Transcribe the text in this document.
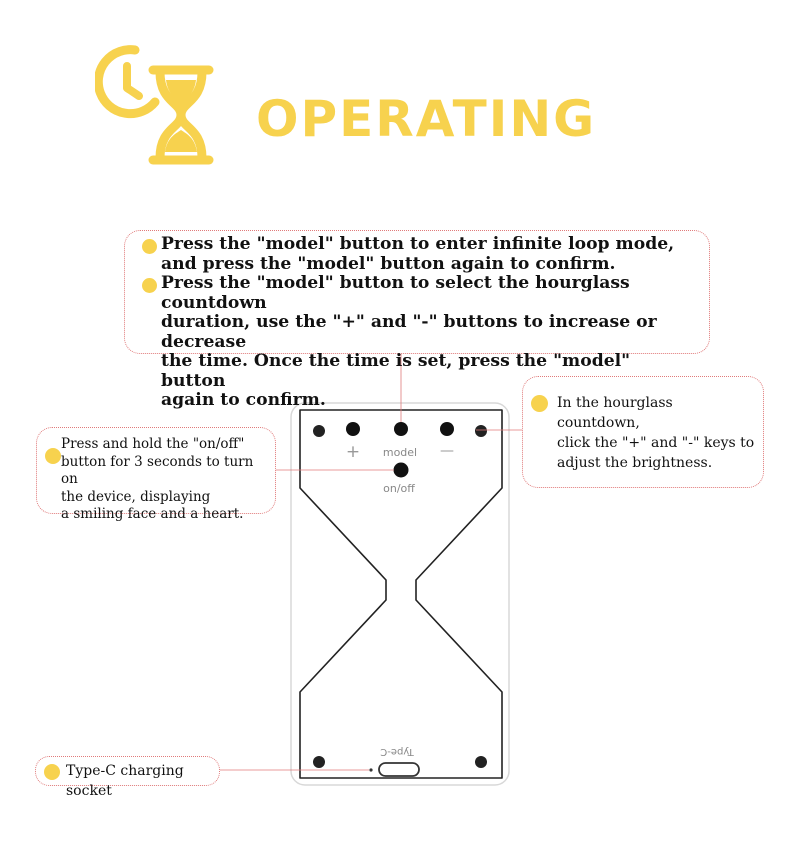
OPERATING
+ model —
on/off
Type-C
Press the "model" button to enter infinite loop mode,
and press the "model" button again to confirm.
Press the "model" button to select the hourglass countdown
duration, use the "+" and "-" buttons to increase or decrease
the time. Once the time is set, press the "model" button
again to confirm.	In the hourglass countdown,
click the "+" and "-" keys to
adjust the brightness.
Press and hold the "on/off"
button for 3 seconds to turn on
the device, displaying
a smiling face and a heart.
Type-C charging socket
